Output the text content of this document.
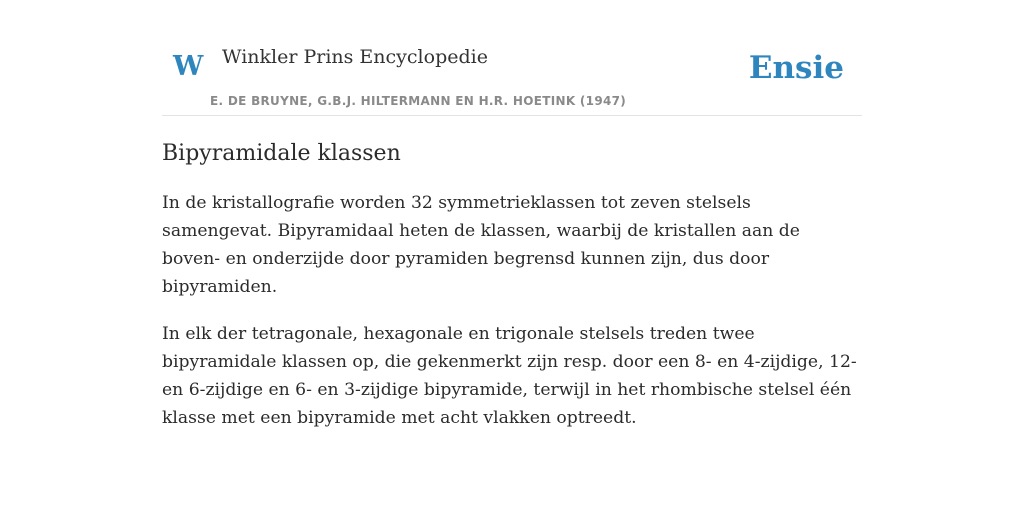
W Winkler Prins Encyclopedie
E. DE BRUYNE, G.B.J. HILTERMANN EN H.R. HOETINK (1947)
Ensie
Bipyramidale klassen

In de kristallografie worden 32 symmetrieklassen tot zeven stelsels samengevat. Bipyramidaal heten de klassen, waarbij de kristallen aan de boven- en onderzijde door pyramiden begrensd kunnen zijn, dus door bipyramiden.

In elk der tetragonale, hexagonale en trigonale stelsels treden twee bipyramidale klassen op, die gekenmerkt zijn resp. door een 8- en 4-zijdige, 12- en 6-zijdige en 6- en 3-zijdige bipyramide, terwijl in het rhombische stelsel één klasse met een bipyramide met acht vlakken optreedt.
